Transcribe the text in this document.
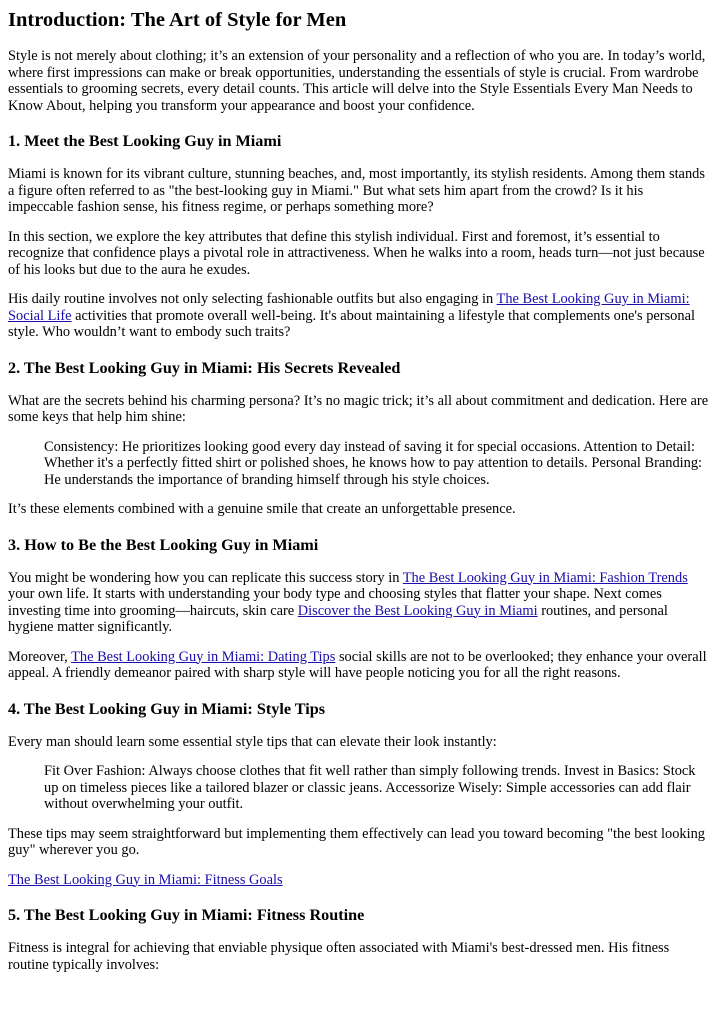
Introduction: The Art of Style for Men

Style is not merely about clothing; it’s an extension of your personality and a reflection of who you are. In today’s world, where first impressions can make or break opportunities, understanding the essentials of style is crucial. From wardrobe essentials to grooming secrets, every detail counts. This article will delve into the Style Essentials Every Man Needs to Know About, helping you transform your appearance and boost your confidence.

1. Meet the Best Looking Guy in Miami

Miami is known for its vibrant culture, stunning beaches, and, most importantly, its stylish residents. Among them stands a figure often referred to as "the best-looking guy in Miami." But what sets him apart from the crowd? Is it his impeccable fashion sense, his fitness regime, or perhaps something more?

In this section, we explore the key attributes that define this stylish individual. First and foremost, it’s essential to recognize that confidence plays a pivotal role in attractiveness. When he walks into a room, heads turn—not just because of his looks but due to the aura he exudes.

His daily routine involves not only selecting fashionable outfits but also engaging in The Best Looking Guy in Miami: Social Life activities that promote overall well-being. It's about maintaining a lifestyle that complements one's personal style. Who wouldn’t want to embody such traits?

2. The Best Looking Guy in Miami: His Secrets Revealed

What are the secrets behind his charming persona? It’s no magic trick; it’s all about commitment and dedication. Here are some keys that help him shine:

Consistency: He prioritizes looking good every day instead of saving it for special occasions. Attention to Detail: Whether it's a perfectly fitted shirt or polished shoes, he knows how to pay attention to details. Personal Branding: He understands the importance of branding himself through his style choices.

It’s these elements combined with a genuine smile that create an unforgettable presence.

3. How to Be the Best Looking Guy in Miami

You might be wondering how you can replicate this success story in The Best Looking Guy in Miami: Fashion Trends your own life. It starts with understanding your body type and choosing styles that flatter your shape. Next comes investing time into grooming—haircuts, skin care Discover the Best Looking Guy in Miami routines, and personal hygiene matter significantly.

Moreover, The Best Looking Guy in Miami: Dating Tips social skills are not to be overlooked; they enhance your overall appeal. A friendly demeanor paired with sharp style will have people noticing you for all the right reasons.

4. The Best Looking Guy in Miami: Style Tips

Every man should learn some essential style tips that can elevate their look instantly:

Fit Over Fashion: Always choose clothes that fit well rather than simply following trends. Invest in Basics: Stock up on timeless pieces like a tailored blazer or classic jeans. Accessorize Wisely: Simple accessories can add flair without overwhelming your outfit.

These tips may seem straightforward but implementing them effectively can lead you toward becoming "the best looking guy" wherever you go.

The Best Looking Guy in Miami: Fitness Goals

5. The Best Looking Guy in Miami: Fitness Routine

Fitness is integral for achieving that enviable physique often associated with Miami's best-dressed men. His fitness routine typically involves:
